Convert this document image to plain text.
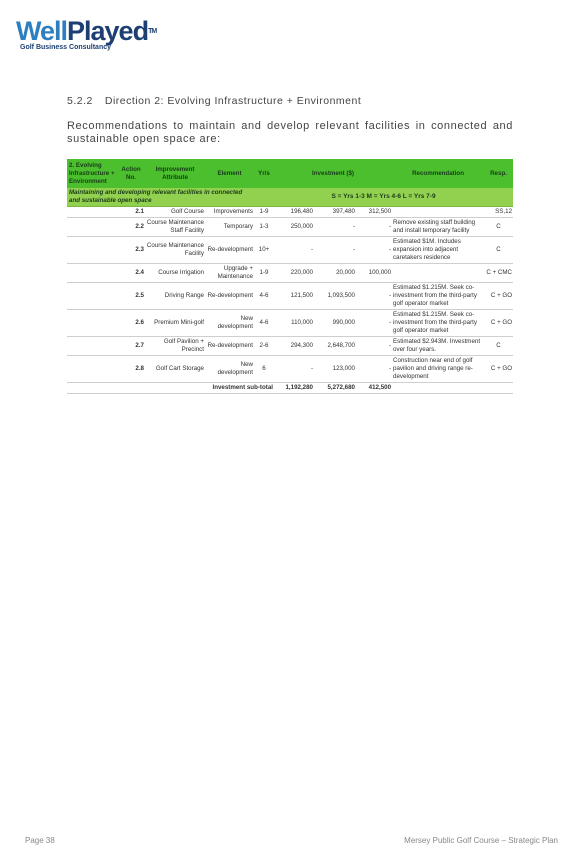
WellPlayed™
Golf Business Consultancy
5.2.2 Direction 2: Evolving Infrastructure + Environment
Recommendations to maintain and develop relevant facilities in connected and sustainable open space are:
2. Evolving Infrastructure + Environment	Action No.	Improvement Attribute	Element	Yr/s	Investment ($)			Recommendation	Resp.
Maintaining and developing relevant facilities in connected and sustainable open space				S = Yrs 1-3 M = Yrs 4-6 L = Yrs 7-9					
	2.1	Golf Course	Improvements	1-9	196,480	397,480	312,500		SS,12
	2.2	Course Maintenance Staff Facility	Temporary	1-3	250,000	-	-	Remove existing staff building and install temporary facility	C
	2.3	Course Maintenance Facility	Re-development	10+	-	-	-	Estimated $1M. Includes expansion into adjacent caretakers residence	C
	2.4	Course Irrigation	Upgrade + Maintenance	1-9	220,000	20,000	100,000		C + CMC
	2.5	Driving Range	Re-development	4-6	121,500	1,093,500	-	Estimated $1.215M. Seek co-investment from the third-party golf operator market	C + GO
	2.6	Premium Mini-golf	New development	4-6	110,000	990,000	-	Estimated $1.215M. Seek co-investment from the third-party golf operator market	C + GO
	2.7	Golf Pavilion + Precinct	Re-development	2-6	294,300	2,648,700	-	Estimated $2.943M. Investment over four years.	C
	2.8	Golf Cart Storage	New development	6	-	123,000	-	Construction near end of golf pavilion and driving range re-development	C + GO
Investment sub-total					1,192,280	5,272,680	412,500		
Page 38	Mersey Public Golf Course – Strategic Plan
